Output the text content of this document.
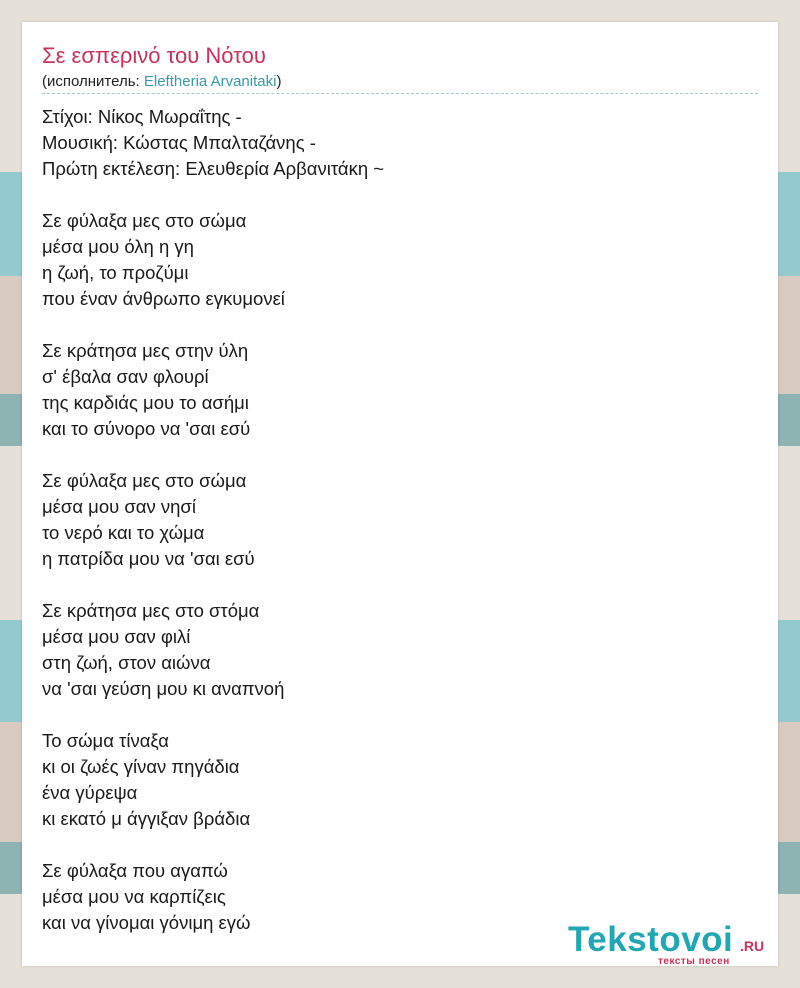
Σε εσπερινό του Νότου
(исполнитель: Eleftheria Arvanitaki)
Στίχοι: Νίκος Μωραΐτης -
Μουσική: Κώστας Μπαλταζάνης -
Πρώτη εκτέλεση: Ελευθερία Αρβανιτάκη ~
Σε φύλαξα μες στο σώμα
μέσα μου όλη η γη
η ζωή, το προζύμι
που έναν άνθρωπο εγκυμονεί
Σε κράτησα μες στην ύλη
σ' έβαλα σαν φλουρί
της καρδιάς μου το ασήμι
και το σύνορο να 'σαι εσύ
Σε φύλαξα μες στο σώμα
μέσα μου σαν νησί
το νερό και το χώμα
η πατρίδα μου να 'σαι εσύ
Σε κράτησα μες στο στόμα
μέσα μου σαν φιλί
στη ζωή, στον αιώνα
να 'σαι γεύση μου κι αναπνοή
Το σώμα τίναξα
κι οι ζωές γίναν πηγάδια
ένα γύρεψα
κι εκατό μ άγγιξαν βράδια
Σε φύλαξα που αγαπώ
μέσα μου να καρπίζεις
και να γίνομαι γόνιμη εγώ	Tekstovoi .RU
тексты песен
